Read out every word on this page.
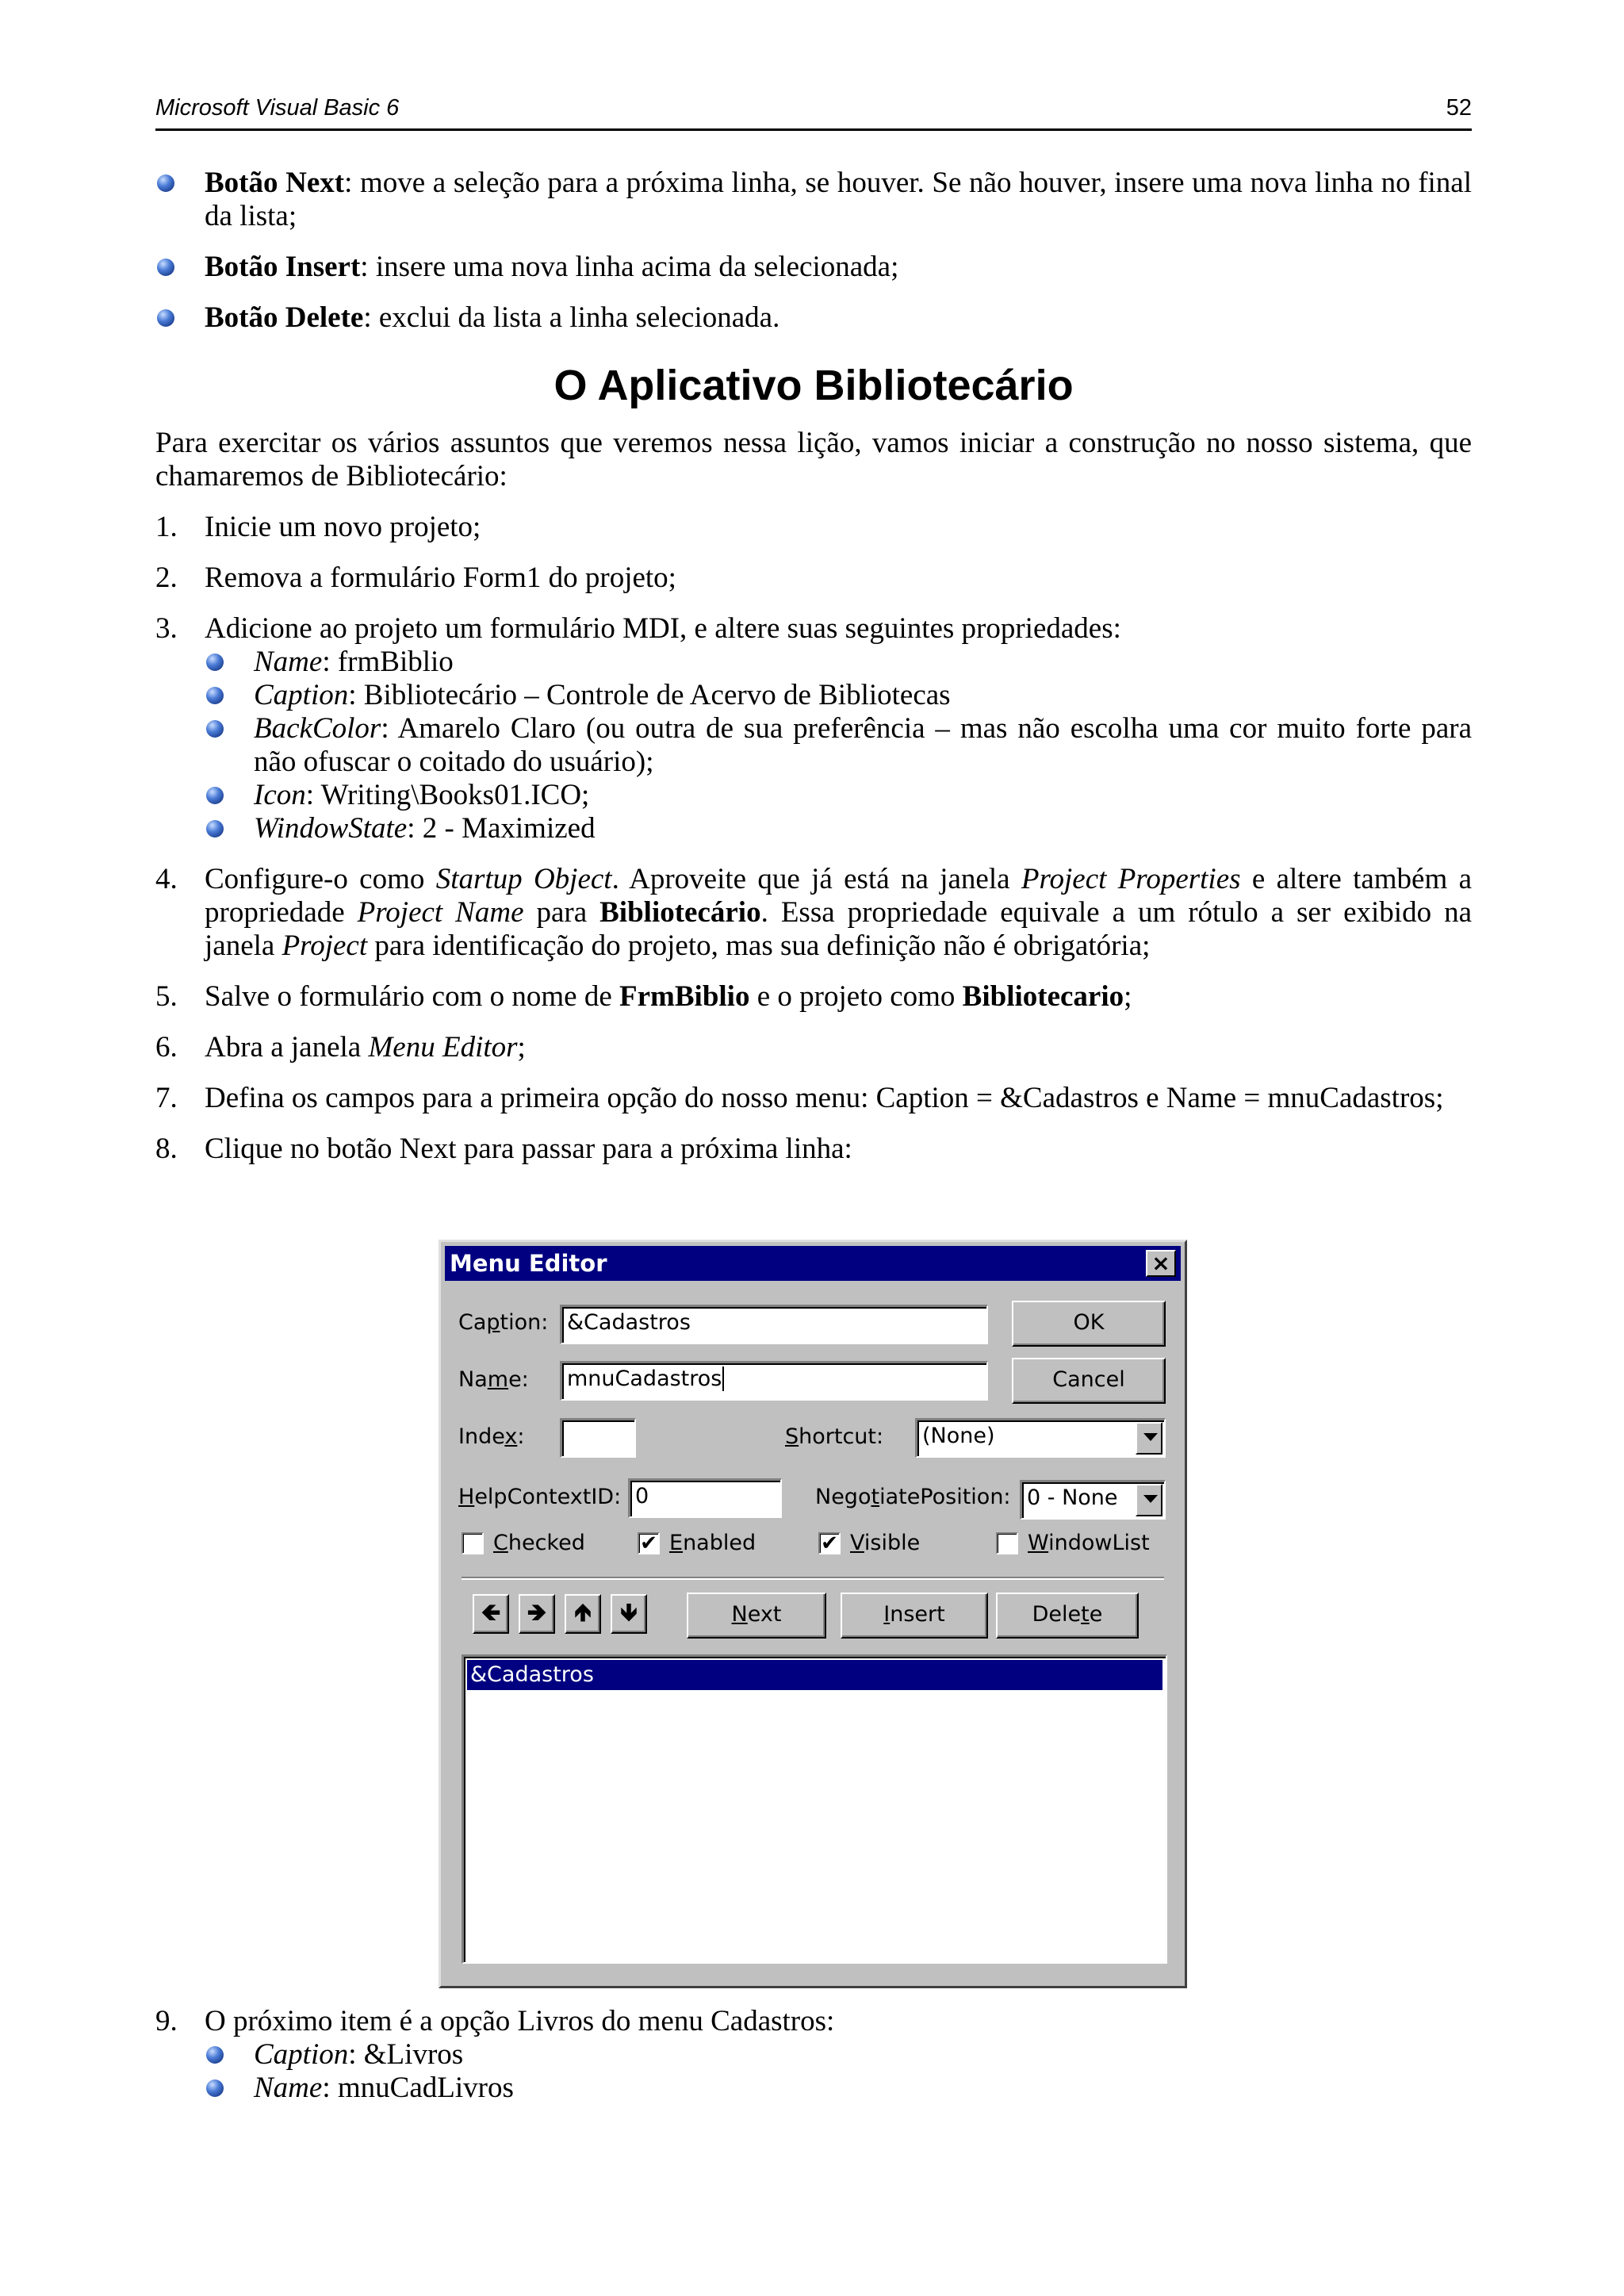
Microsoft Visual Basic 6	52
Botão Next: move a seleção para a próxima linha, se houver. Se não houver, insere uma nova linha no final da lista;
Botão Insert: insere uma nova linha acima da selecionada;
Botão Delete: exclui da lista a linha selecionada.
O Aplicativo Bibliotecário

Para exercitar os vários assuntos que veremos nessa lição, vamos iniciar a construção no nosso sistema, que chamaremos de Bibliotecário:

1. Inicie um novo projeto;
2. Remova a formulário Form1 do projeto;
3. Adicione ao projeto um formulário MDI, e altere suas seguintes propriedades:
Name: frmBiblio
Caption: Bibliotecário – Controle de Acervo de Bibliotecas
BackColor: Amarelo Claro (ou outra de sua preferência – mas não escolha uma cor muito forte para não ofuscar o coitado do usuário);
Icon: Writing\Books01.ICO;
WindowState: 2 - Maximized
4. Configure-o como Startup Object. Aproveite que já está na janela Project Properties e altere também a propriedade Project Name para Bibliotecário. Essa propriedade equivale a um rótulo a ser exibido na janela Project para identificação do projeto, mas sua definição não é obrigatória;
5. Salve o formulário com o nome de FrmBiblio e o projeto como Bibliotecario;
6. Abra a janela Menu Editor;
7. Defina os campos para a primeira opção do nosso menu: Caption = &Cadastros e Name = mnuCadastros;
8. Clique no botão Next para passar para a próxima linha:
Menu Editor	×
Caption: &Cadastros
Name:	mnuCadastros
OK
Cancel
Index:	Shortcut:	(None)
HelpContextID: 0	NegotiatePosition: 0 - None
Checked	✔ Enabled	✔ Visible	WindowList
🡸	🡺	🡹	🡻	Next	Insert	Delete
&Cadastros
9. O próximo item é a opção Livros do menu Cadastros:
Caption: &Livros
Name: mnuCadLivros
